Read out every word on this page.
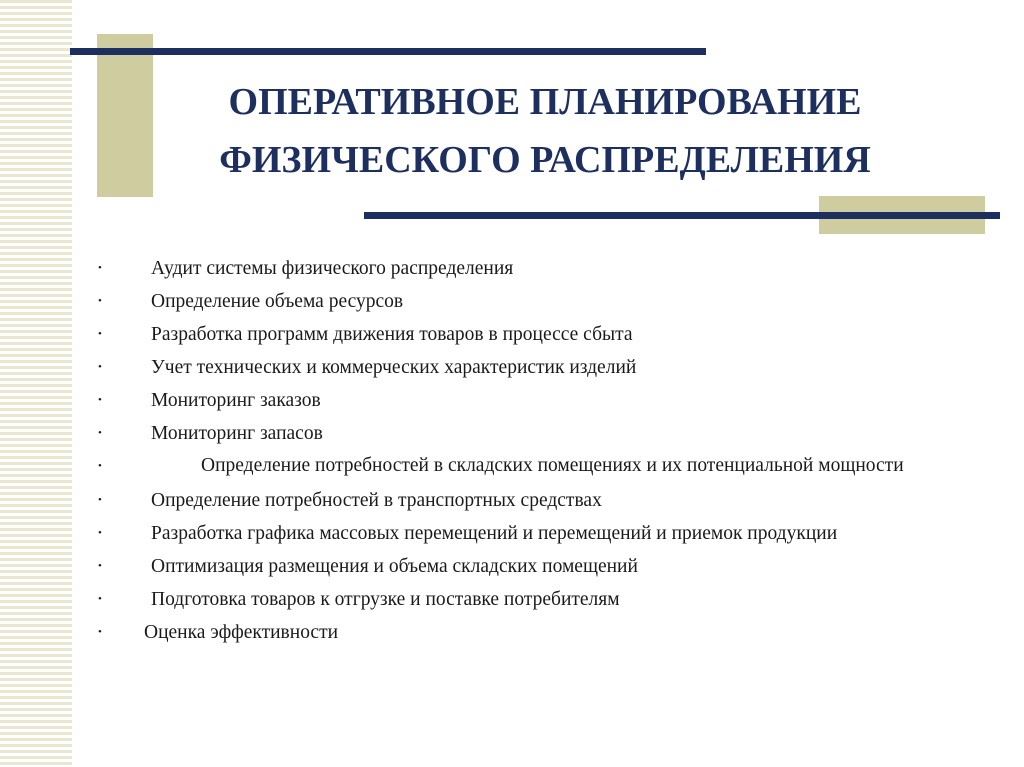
ОПЕРАТИВНОЕ ПЛАНИРОВАНИЕ
ФИЗИЧЕСКОГО РАСПРЕДЕЛЕНИЯ
•	Аудит системы физического распределения
•	Определение объема ресурсов
•	Разработка программ движения товаров в процессе сбыта
•	Учет технических и коммерческих характеристик изделий
•	Мониторинг заказов
•	Мониторинг запасов
•	Определение потребностей в складских помещениях и их потенциальной мощности
•	Определение потребностей в транспортных средствах
•	Разработка графика массовых перемещений и перемещений и приемок продукции
•	Оптимизация размещения и объема складских помещений
•	Подготовка товаров к отгрузке и поставке потребителям
•	Оценка эффективности
